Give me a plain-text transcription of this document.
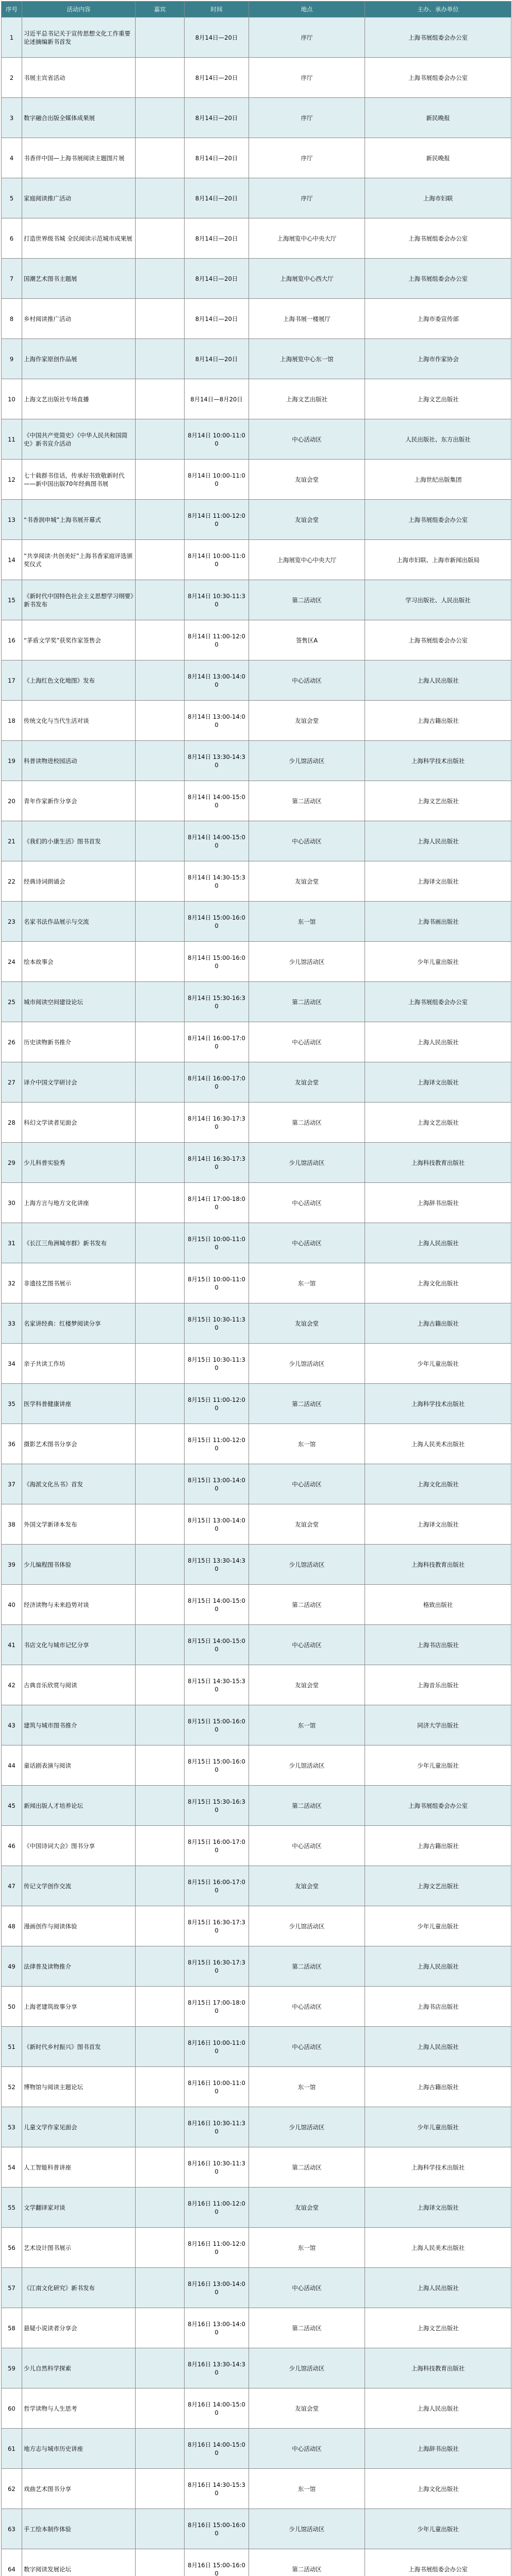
序号	活动内容	嘉宾	时间	地点	主办、承办单位
1	习近平总书记关于宣传思想文化工作重要论述摘编新书首发		8月14日—20日	序厅	上海书展组委会办公室
2	书展主宾省活动		8月14日—20日	序厅	上海书展组委会办公室
3	数字融合出版全媒体成果展		8月14日—20日	序厅	新民晚报
4	书香伴中国—上海书展阅读主题图片展		8月14日—20日	序厅	新民晚报
5	家庭阅读推广活动		8月14日—20日	序厅	上海市妇联
6	打造世界级书城 全民阅读示范城市成果展		8月14日—20日	上海展览中心中央大厅	上海书展组委会办公室
7	国潮艺术图书主题展		8月14日—20日	上海展览中心西大厅	上海书展组委会办公室
8	乡村阅读推广活动		8月14日—20日	上海书展一楼展厅	上海市委宣传部
9	上海作家原创作品展		8月14日—20日	上海展览中心东一馆	上海市作家协会
10	上海文艺出版社专场直播		8月14日—8月20日	上海文艺出版社	上海文艺出版社
11	《中国共产党简史》《中华人民共和国简史》新书宣介活动		8月14日 10:00-11:00	中心活动区	人民出版社、东方出版社
12	七十载群书佳话，传承好书致敬新时代——新中国出版70年经典图书展		8月14日 10:00-11:00	友谊会堂	上海世纪出版集团
13	“书香润申城”上海书展开幕式		8月14日 11:00-12:00	友谊会堂	上海书展组委会办公室
14	“共享阅读·共创美好”上海书香家庭评选颁奖仪式		8月14日 10:00-11:00	上海展览中心中央大厅	上海市妇联、上海市新闻出版局
15	《新时代中国特色社会主义思想学习纲要》新书发布		8月14日 10:30-11:30	第二活动区	学习出版社、人民出版社
16	“茅盾文学奖”获奖作家签售会		8月14日 11:00-12:00	签售区A	上海书展组委会办公室
17	《上海红色文化地图》发布		8月14日 13:00-14:00	中心活动区	上海人民出版社
18	传统文化与当代生活对谈		8月14日 13:00-14:00	友谊会堂	上海古籍出版社
19	科普读物进校园活动		8月14日 13:30-14:30	少儿馆活动区	上海科学技术出版社
20	青年作家新作分享会		8月14日 14:00-15:00	第二活动区	上海文艺出版社
21	《我们的小康生活》图书首发		8月14日 14:00-15:00	中心活动区	上海人民出版社
22	经典诗词朗诵会		8月14日 14:30-15:30	友谊会堂	上海译文出版社
23	名家书法作品展示与交流		8月14日 15:00-16:00	东一馆	上海书画出版社
24	绘本故事会		8月14日 15:00-16:00	少儿馆活动区	少年儿童出版社
25	城市阅读空间建设论坛		8月14日 15:30-16:30	第二活动区	上海书展组委会办公室
26	历史读物新书推介		8月14日 16:00-17:00	中心活动区	上海人民出版社
27	译介中国文学研讨会		8月14日 16:00-17:00	友谊会堂	上海译文出版社
28	科幻文学读者见面会		8月14日 16:30-17:30	第二活动区	上海文艺出版社
29	少儿科普实验秀		8月14日 16:30-17:30	少儿馆活动区	上海科技教育出版社
30	上海方言与地方文化讲座		8月14日 17:00-18:00	中心活动区	上海辞书出版社
31	《长江三角洲城市群》新书发布		8月15日 10:00-11:00	中心活动区	上海人民出版社
32	非遗技艺图书展示		8月15日 10:00-11:00	东一馆	上海文化出版社
33	名家讲经典：红楼梦阅读分享		8月15日 10:30-11:30	友谊会堂	上海古籍出版社
34	亲子共读工作坊		8月15日 10:30-11:30	少儿馆活动区	少年儿童出版社
35	医学科普健康讲座		8月15日 11:00-12:00	第二活动区	上海科学技术出版社
36	摄影艺术图书分享会		8月15日 11:00-12:00	东一馆	上海人民美术出版社
37	《海派文化丛书》首发		8月15日 13:00-14:00	中心活动区	上海文化出版社
38	外国文学新译本发布		8月15日 13:00-14:00	友谊会堂	上海译文出版社
39	少儿编程图书体验		8月15日 13:30-14:30	少儿馆活动区	上海科技教育出版社
40	经济读物与未来趋势对谈		8月15日 14:00-15:00	第二活动区	格致出版社
41	书店文化与城市记忆分享		8月15日 14:00-15:00	中心活动区	上海书店出版社
42	古典音乐欣赏与阅读		8月15日 14:30-15:30	友谊会堂	上海音乐出版社
43	建筑与城市图书推介		8月15日 15:00-16:00	东一馆	同济大学出版社
44	童话剧表演与阅读		8月15日 15:00-16:00	少儿馆活动区	少年儿童出版社
45	新闻出版人才培养论坛		8月15日 15:30-16:30	第二活动区	上海书展组委会办公室
46	《中国诗词大会》图书分享		8月15日 16:00-17:00	中心活动区	上海古籍出版社
47	传记文学创作交流		8月15日 16:00-17:00	友谊会堂	上海文艺出版社
48	漫画创作与阅读体验		8月15日 16:30-17:30	少儿馆活动区	少年儿童出版社
49	法律普及读物推介		8月15日 16:30-17:30	第二活动区	上海人民出版社
50	上海老建筑故事分享		8月15日 17:00-18:00	中心活动区	上海书店出版社
51	《新时代乡村振兴》图书首发		8月16日 10:00-11:00	中心活动区	上海人民出版社
52	博物馆与阅读主题论坛		8月16日 10:00-11:00	东一馆	上海古籍出版社
53	儿童文学作家见面会		8月16日 10:30-11:30	少儿馆活动区	少年儿童出版社
54	人工智能科普讲座		8月16日 10:30-11:30	第二活动区	上海科学技术出版社
55	文学翻译家对谈		8月16日 11:00-12:00	友谊会堂	上海译文出版社
56	艺术设计图书展示		8月16日 11:00-12:00	东一馆	上海人民美术出版社
57	《江南文化研究》新书发布		8月16日 13:00-14:00	中心活动区	上海人民出版社
58	悬疑小说读者分享会		8月16日 13:00-14:00	第二活动区	上海文艺出版社
59	少儿自然科学探索		8月16日 13:30-14:30	少儿馆活动区	上海科技教育出版社
60	哲学读物与人生思考		8月16日 14:00-15:00	友谊会堂	上海人民出版社
61	地方志与城市历史讲座		8月16日 14:00-15:00	中心活动区	上海辞书出版社
62	戏曲艺术图书分享		8月16日 14:30-15:30	东一馆	上海文化出版社
63	手工绘本制作体验		8月16日 15:00-16:00	少儿馆活动区	少年儿童出版社
64	数字阅读发展论坛		8月16日 15:00-16:00	第二活动区	上海书展组委会办公室
